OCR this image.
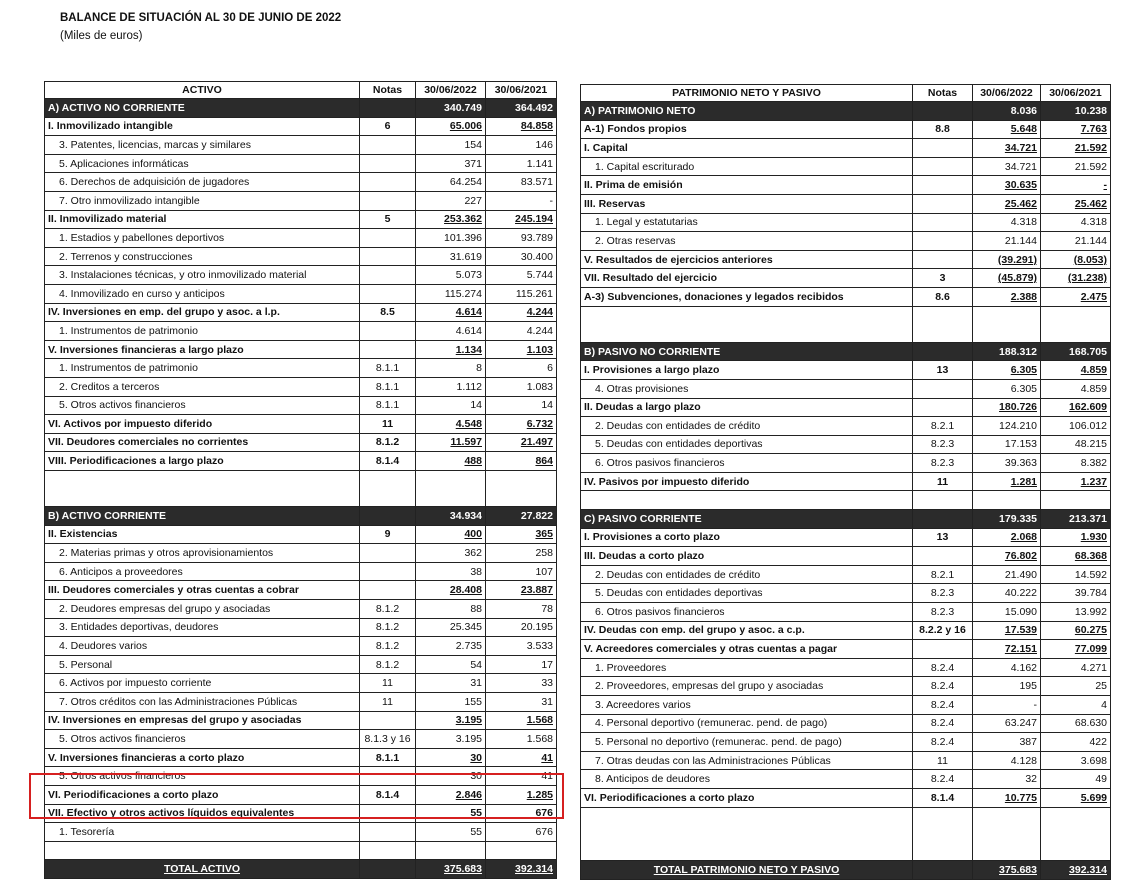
BALANCE DE SITUACIÓN AL 30 DE JUNIO DE 2022
(Miles de euros)
ACTIVO	Notas	30/06/2022	30/06/2021
A) ACTIVO NO CORRIENTE		340.749	364.492
I. Inmovilizado intangible	6	65.006	84.858
3. Patentes, licencias, marcas y similares		154	146
5. Aplicaciones informáticas		371	1.141
6. Derechos de adquisición de jugadores		64.254	83.571
7. Otro inmovilizado intangible		227	-
II. Inmovilizado material	5	253.362	245.194
1. Estadios y pabellones deportivos		101.396	93.789
2. Terrenos y construcciones		31.619	30.400
3. Instalaciones técnicas, y otro inmovilizado material		5.073	5.744
4. Inmovilizado en curso y anticipos		115.274	115.261
IV. Inversiones en emp. del grupo y asoc. a l.p.	8.5	4.614	4.244
1. Instrumentos de patrimonio		4.614	4.244
V. Inversiones financieras a largo plazo		1.134	1.103
1. Instrumentos de patrimonio	8.1.1	8	6
2. Creditos a terceros	8.1.1	1.112	1.083
5. Otros activos financieros	8.1.1	14	14
VI. Activos por impuesto diferido	11	4.548	6.732
VII. Deudores comerciales no corrientes	8.1.2	11.597	21.497
VIII. Periodificaciones a largo plazo	8.1.4	488	864

B) ACTIVO CORRIENTE		34.934	27.822
II. Existencias	9	400	365
2. Materias primas y otros aprovisionamientos		362	258
6. Anticipos a proveedores		38	107
III. Deudores comerciales y otras cuentas a cobrar		28.408	23.887
2. Deudores empresas del grupo y asociadas	8.1.2	88	78
3. Entidades deportivas, deudores	8.1.2	25.345	20.195
4. Deudores varios	8.1.2	2.735	3.533
5. Personal	8.1.2	54	17
6. Activos por impuesto corriente	11	31	33
7. Otros créditos con las Administraciones Públicas	11	155	31
IV. Inversiones en empresas del grupo y asociadas		3.195	1.568
5. Otros activos financieros	8.1.3 y 16	3.195	1.568
V. Inversiones financieras a corto plazo	8.1.1	30	41
5. Otros activos financieros		30	41
VI. Periodificaciones a corto plazo	8.1.4	2.846	1.285
VII. Efectivo y otros activos líquidos equivalentes		55	676
1. Tesorería		55	676

TOTAL ACTIVO		375.683	392.314
PATRIMONIO NETO Y PASIVO	Notas	30/06/2022	30/06/2021
A) PATRIMONIO NETO		8.036	10.238
A-1) Fondos propios	8.8	5.648	7.763
I. Capital		34.721	21.592
1. Capital escriturado		34.721	21.592
II. Prima de emisión		30.635	-
III. Reservas		25.462	25.462
1. Legal y estatutarias		4.318	4.318
2. Otras reservas		21.144	21.144
V. Resultados de ejercicios anteriores		(39.291)	(8.053)
VII. Resultado del ejercicio	3	(45.879)	(31.238)
A-3) Subvenciones, donaciones y legados recibidos	8.6	2.388	2.475

B) PASIVO NO CORRIENTE		188.312	168.705
I. Provisiones a largo plazo	13	6.305	4.859
4. Otras provisiones		6.305	4.859
II. Deudas a largo plazo		180.726	162.609
2. Deudas con entidades de crédito	8.2.1	124.210	106.012
5. Deudas con entidades deportivas	8.2.3	17.153	48.215
6. Otros pasivos financieros	8.2.3	39.363	8.382
IV. Pasivos por impuesto diferido	11	1.281	1.237

C) PASIVO CORRIENTE		179.335	213.371
I. Provisiones a corto plazo	13	2.068	1.930
III. Deudas a corto plazo		76.802	68.368
2. Deudas con entidades de crédito	8.2.1	21.490	14.592
5. Deudas con entidades deportivas	8.2.3	40.222	39.784
6. Otros pasivos financieros	8.2.3	15.090	13.992
IV. Deudas con emp. del grupo y asoc. a c.p.	8.2.2 y 16	17.539	60.275
V. Acreedores comerciales y otras cuentas a pagar		72.151	77.099
1. Proveedores	8.2.4	4.162	4.271
2. Proveedores, empresas del grupo y asociadas	8.2.4	195	25
3. Acreedores varios	8.2.4	-	4
4. Personal deportivo (remunerac. pend. de pago)	8.2.4	63.247	68.630
5. Personal no deportivo (remunerac. pend. de pago)	8.2.4	387	422
7. Otras deudas con las Administraciones Públicas	11	4.128	3.698
8. Anticipos de deudores	8.2.4	32	49
VI. Periodificaciones a corto plazo	8.1.4	10.775	5.699

TOTAL PATRIMONIO NETO Y PASIVO		375.683	392.314
